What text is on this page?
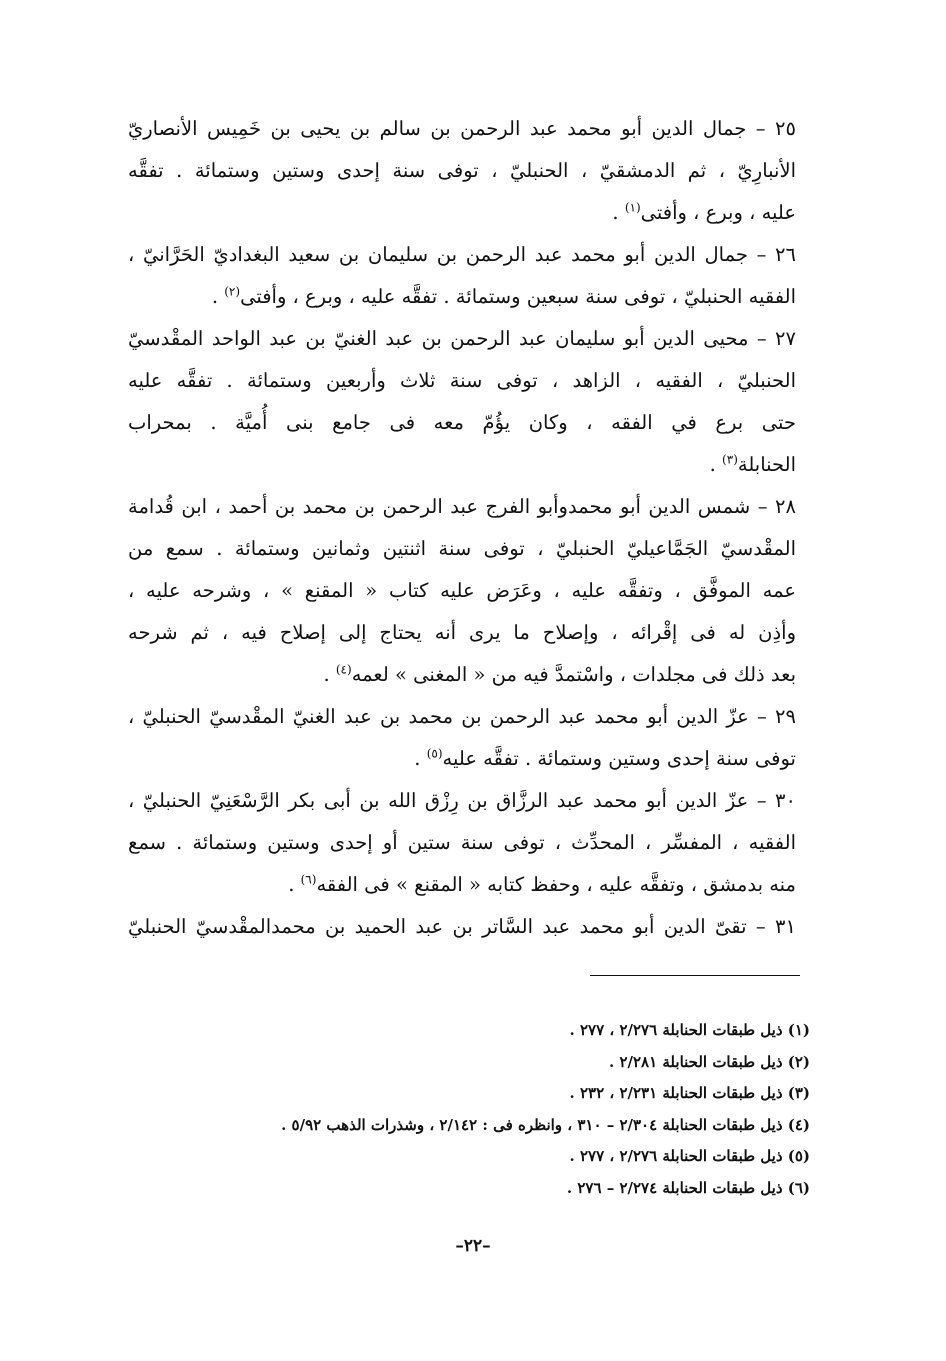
٢٥ – جمال الدين أبو محمد عبد الرحمن بن سالم بن يحيى بن خَمِيس الأنصاريّ
الأنبارِيّ ، ثم الدمشقيّ ، الحنبليّ ، توفى سنة إحدى وستين وستمائة . تفقَّه
عليه ، وبرع ، وأفتى$^{(١)}$ .
٢٦ – جمال الدين أبو محمد عبد الرحمن بن سليمان بن سعيد البغداديّ الحَرَّانيّ ،
الفقيه الحنبليّ ، توفى سنة سبعين وستمائة . تفقَّه عليه ، وبرع ، وأفتى$^{(٢)}$ .
٢٧ – محيى الدين أبو سليمان عبد الرحمن بن عبد الغنيّ بن عبد الواحد المقْدسيّ
الحنبليّ ، الفقيه ، الزاهد ، توفى سنة ثلاث وأربعين وستمائة . تفقَّه عليه
حتى برع في الفقه ، وكان يؤُمّ معه فى جامع بنى أُميَّة . بمحراب
الحنابلة$^{(٣)}$ .
٢٨ – شمس الدين أبو محمدوأبو الفرج عبد الرحمن بن محمد بن أحمد ، ابن قُدامة
المقْدسيّ الجَمَّاعيليّ الحنبليّ ، توفى سنة اثنتين وثمانين وستمائة . سمع من
عمه الموفَّق ، وتفقَّه عليه ، وعَرَض عليه كتاب « المقنع » ، وشرحه عليه ،
وأذِن له فى إقْرائه ، وإصلاح ما يرى أنه يحتاج إلى إصلاح فيه ، ثم شرحه
بعد ذلك فى مجلدات ، واسْتمدَّ فيه من « المغنى » لعمه$^{(٤)}$ .
٢٩ – عزّ الدين أبو محمد عبد الرحمن بن محمد بن عبد الغنيّ المقْدسيّ الحنبليّ ،
توفى سنة إحدى وستين وستمائة . تفقَّه عليه$^{(٥)}$ .
٣٠ – عزّ الدين أبو محمد عبد الرزَّاق بن رِزْق الله بن أبى بكر الرَّسْعَنِيّ الحنبليّ ،
الفقيه ، المفسِّر ، المحدِّث ، توفى سنة ستين أو إحدى وستين وستمائة . سمع
منه بدمشق ، وتفقَّه عليه ، وحفظ كتابه « المقنع » فى الفقه$^{(٦)}$ .
٣١ – تقىّ الدين أبو محمد عبد السَّاتر بن عبد الحميد بن محمدالمقْدسيّ الحنبليّ
(١) ذيل طبقات الحنابلة ٢/٢٧٦ ، ٢٧٧ .
(٢) ذيل طبقات الحنابلة ٢/٢٨١ .
(٣) ذيل طبقات الحنابلة ٢/٢٣١ ، ٢٣٢ .
(٤) ذيل طبقات الحنابلة ٢/٣٠٤ – ٣١٠ ، وانظره فى : ٢/١٤٢ ، وشذرات الذهب ٥/٩٢ .
(٥) ذيل طبقات الحنابلة ٢/٢٧٦ ، ٢٧٧ .
(٦) ذيل طبقات الحنابلة ٢/٢٧٤ – ٢٧٦ .
–٢٢–
